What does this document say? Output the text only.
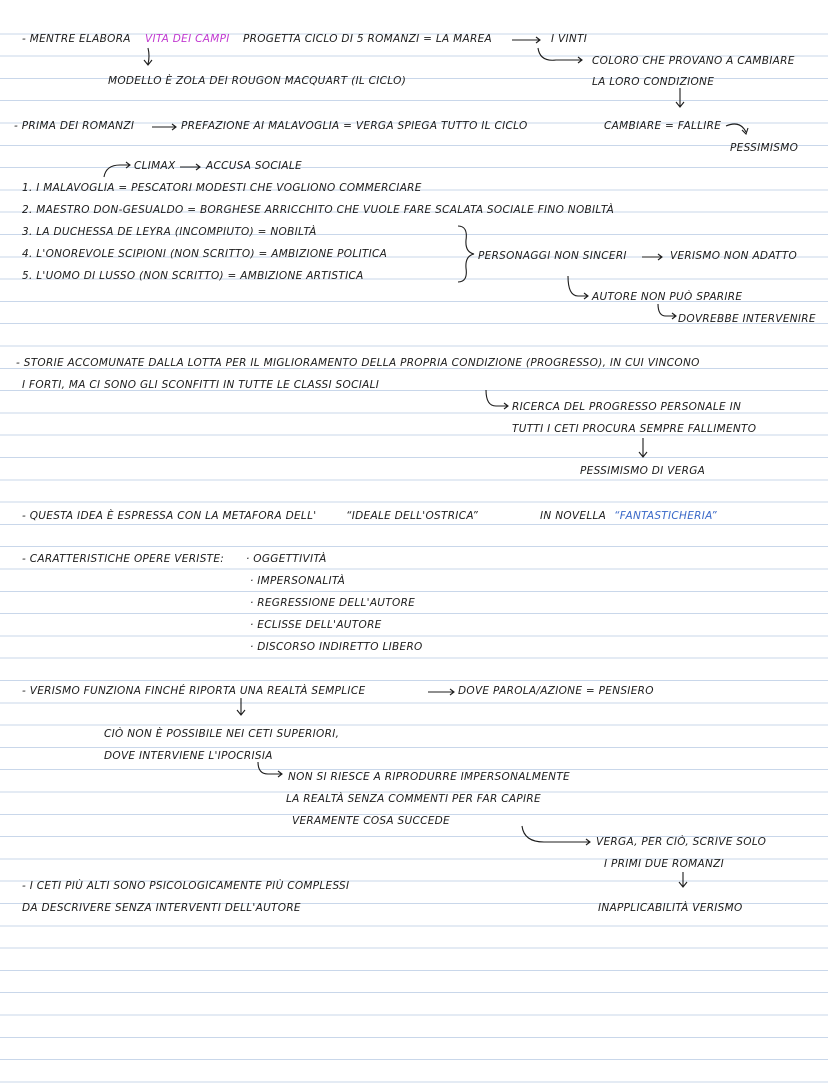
- MENTRE ELABORA VITA DEI CAMPI PROGETTA CICLO DI 5 ROMANZI = LA MAREA	I VINTI
COLORO CHE PROVANO A CAMBIARE
LA LORO CONDIZIONE
MODELLO È ZOLA DEI ROUGON MACQUART (IL CICLO)
- PRIMA DEI ROMANZI	PREFAZIONE AI MALAVOGLIA = VERGA SPIEGA TUTTO IL CICLO	CAMBIARE = FALLIRE
PESSIMISMO
CLIMAX	ACCUSA SOCIALE
1. I MALAVOGLIA = PESCATORI MODESTI CHE VOGLIONO COMMERCIARE
2. MAESTRO DON-GESUALDO = BORGHESE ARRICCHITO CHE VUOLE FARE SCALATA SOCIALE FINO NOBILTÀ
3. LA DUCHESSA DE LEYRA (INCOMPIUTO) = NOBILTÀ
4. L'ONOREVOLE SCIPIONI (NON SCRITTO) = AMBIZIONE POLITICA
5. L'UOMO DI LUSSO (NON SCRITTO) = AMBIZIONE ARTISTICA
PERSONAGGI NON SINCERI	VERISMO NON ADATTO
AUTORE NON PUÒ SPARIRE
DOVREBBE INTERVENIRE
- STORIE ACCOMUNATE DALLA LOTTA PER IL MIGLIORAMENTO DELLA PROPRIA CONDIZIONE (PROGRESSO), IN CUI VINCONO
I FORTI, MA CI SONO GLI SCONFITTI IN TUTTE LE CLASSI SOCIALI
RICERCA DEL PROGRESSO PERSONALE IN
TUTTI I CETI PROCURA SEMPRE FALLIMENTO
PESSIMISMO DI VERGA
- QUESTA IDEA È ESPRESSA CON LA METAFORA DELL'	“IDEALE DELL'OSTRICA”	IN NOVELLA “FANTASTICHERIA”
- CARATTERISTICHE OPERE VERISTE: · OGGETTIVITÀ
· IMPERSONALITÀ
· REGRESSIONE DELL'AUTORE
· ECLISSE DELL'AUTORE
· DISCORSO INDIRETTO LIBERO
- VERISMO FUNZIONA FINCHÉ RIPORTA UNA REALTÀ SEMPLICE	DOVE PAROLA/AZIONE = PENSIERO
CIÒ NON È POSSIBILE NEI CETI SUPERIORI,
DOVE INTERVIENE L'IPOCRISIA
NON SI RIESCE A RIPRODURRE IMPERSONALMENTE
LA REALTÀ SENZA COMMENTI PER FAR CAPIRE
VERAMENTE COSA SUCCEDE
VERGA, PER CIÒ, SCRIVE SOLO
I PRIMI DUE ROMANZI
- I CETI PIÙ ALTI SONO PSICOLOGICAMENTE PIÙ COMPLESSI
DA DESCRIVERE SENZA INTERVENTI DELL'AUTORE	INAPPLICABILITÀ VERISMO
